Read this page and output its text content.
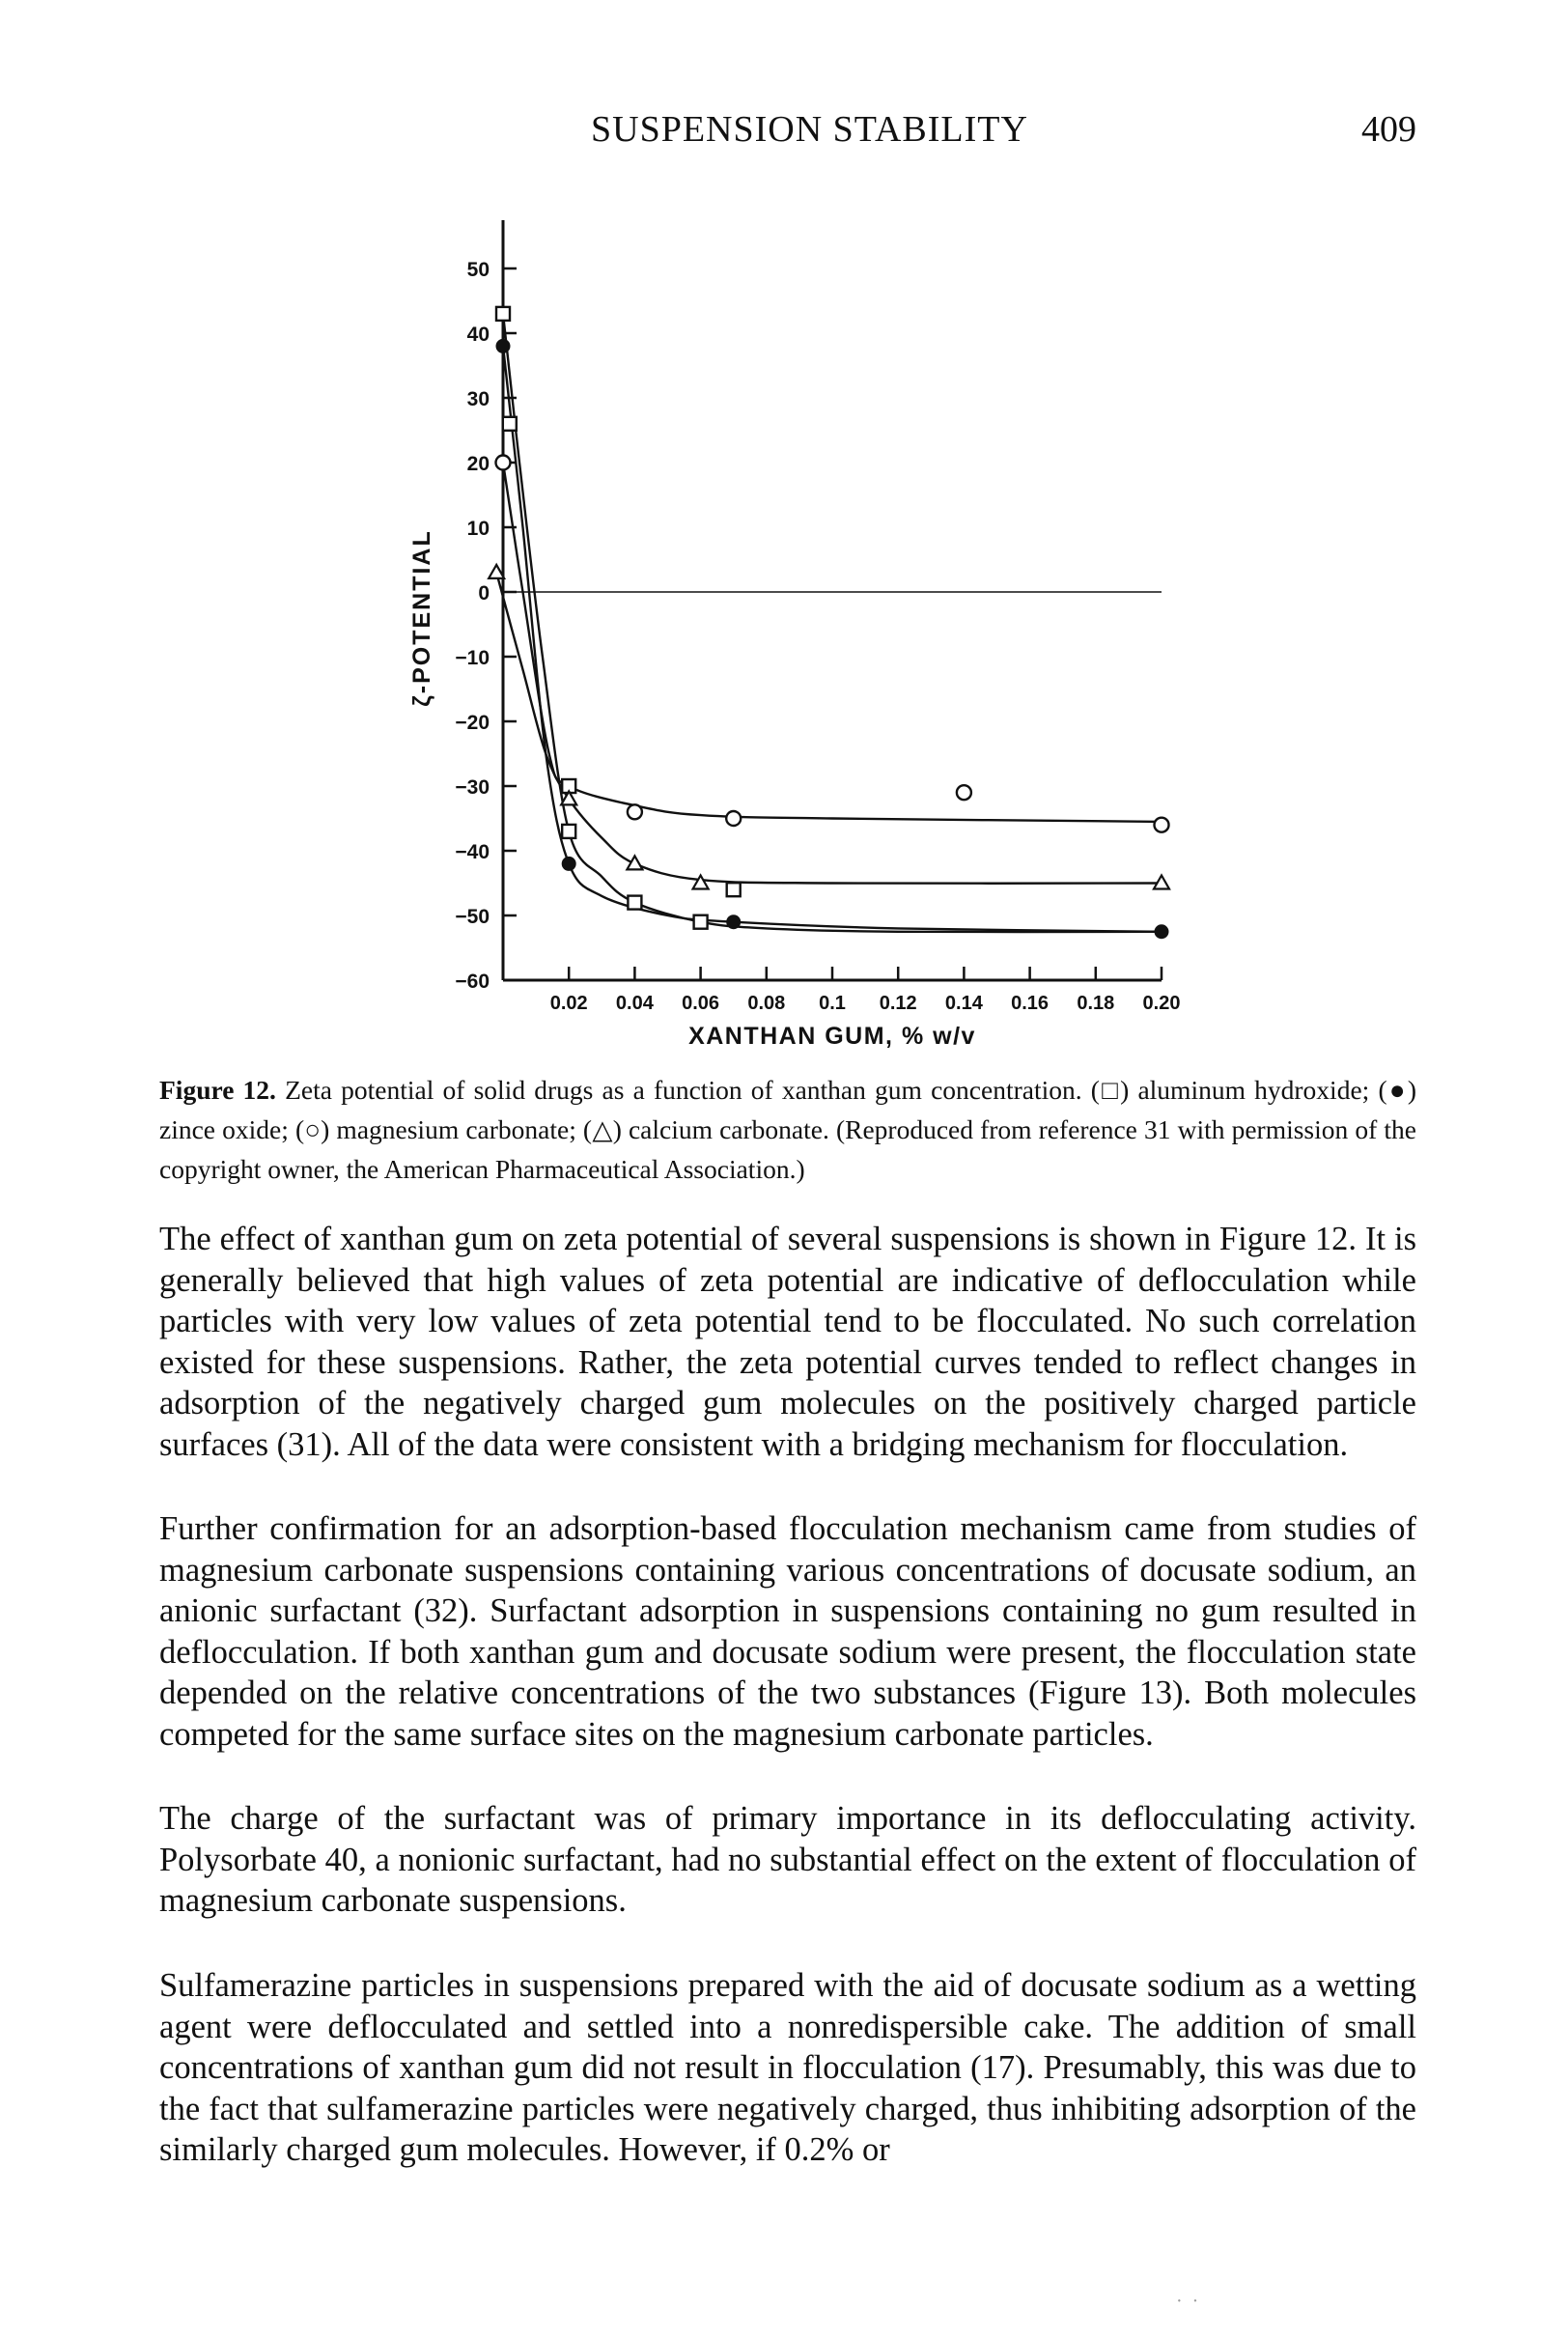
SUSPENSION STABILITY	409
50
40
30
20
10
0
−10
−20
−30
−40
−50
−60
0.02 0.04 0.06 0.08 0.1 0.12 0.14 0.16 0.18 0.20
XANTHAN GUM, % w/v
ζ-POTENTIAL
Figure 12. Zeta potential of solid drugs as a function of xanthan gum concentration. (□) aluminum hydroxide; (●) zince oxide; (○) magnesium carbonate; (△) calcium carbonate. (Reproduced from reference 31 with permission of the copyright owner, the American Pharmaceutical Association.)

The effect of xanthan gum on zeta potential of several suspensions is shown in Figure 12. It is generally believed that high values of zeta potential are indicative of deflocculation while particles with very low values of zeta potential tend to be flocculated. No such correlation existed for these suspensions. Rather, the zeta potential curves tended to reflect changes in adsorption of the negatively charged gum molecules on the positively charged particle surfaces (31). All of the data were consistent with a bridging mechanism for flocculation.

Further confirmation for an adsorption-based flocculation mechanism came from studies of magnesium carbonate suspensions containing various concentrations of docusate sodium, an anionic surfactant (32). Surfactant adsorption in suspensions containing no gum resulted in deflocculation. If both xanthan gum and docusate sodium were present, the flocculation state depended on the relative concentrations of the two substances (Figure 13). Both molecules competed for the same surface sites on the magnesium carbonate particles.

The charge of the surfactant was of primary importance in its deflocculating activity. Polysorbate 40, a nonionic surfactant, had no substantial effect on the extent of flocculation of magnesium carbonate suspensions.

Sulfamerazine particles in suspensions prepared with the aid of docusate sodium as a wetting agent were deflocculated and settled into a nonredispersible cake. The addition of small concentrations of xanthan gum did not result in flocculation (17). Presumably, this was due to the fact that sulfamerazine particles were negatively charged, thus inhibiting adsorption of the similarly charged gum molecules. However, if 0.2% or

·  ·
